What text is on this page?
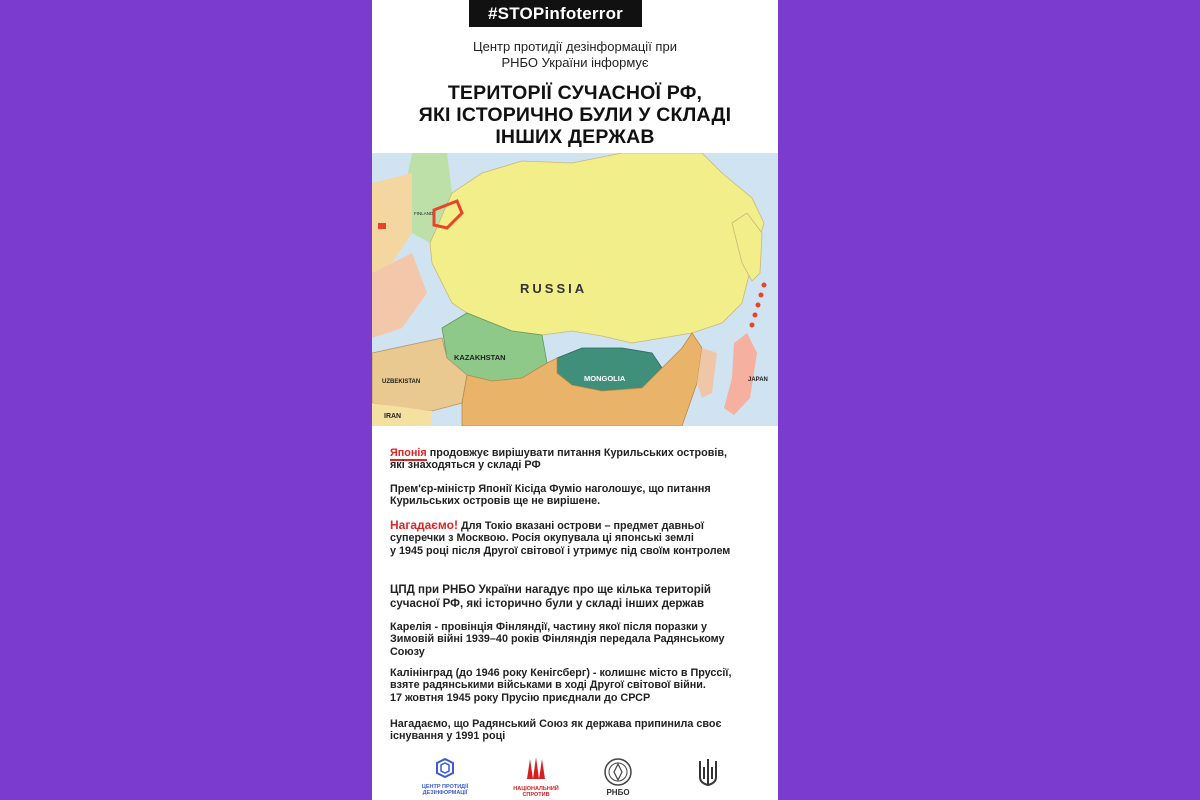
#STOPinfoterror
Центр протидії дезінформації при
РНБО України інформує
ТЕРИТОРІЇ СУЧАСНОЇ РФ,
ЯКІ ІСТОРИЧНО БУЛИ У СКЛАДІ
ІНШИХ ДЕРЖАВ
RUSSIA
KAZAKHSTAN
MONGOLIA
UZBEKISTAN
IRAN
JAPAN
FINLAND
Японія продовжує вирішувати питання Курильських островів,
які знаходяться у складі РФ
Прем'єр-міністр Японії Кісіда Фуміо наголошує, що питання
Курильських островів ще не вирішене.
Нагадаємо! Для Токіо вказані острови – предмет давньої
суперечки з Москвою. Росія окупувала ці японські землі
у 1945 році після Другої світової і утримує під своїм контролем
ЦПД при РНБО України нагадує про ще кілька територій
сучасної РФ, які історично були у складі інших держав
Карелія - провінція Фінляндії, частину якої після поразки у
Зимовій війні 1939–40 років Фінляндія передала Радянському
Союзу
Калінінград (до 1946 року Кенігсберг) - колишнє місто в Пруссії,
взяте радянськими військами в ході Другої світової війни.
17 жовтня 1945 року Прусію приєднали до СРСР
Нагадаємо, що Радянський Союз як держава припинила своє
існування у 1991 році
ЦЕНТР ПРОТИДІЇ
ДЕЗІНФОРМАЦІЇ
НАЦІОНАЛЬНИЙ
СПРОТИВ	РНБО
